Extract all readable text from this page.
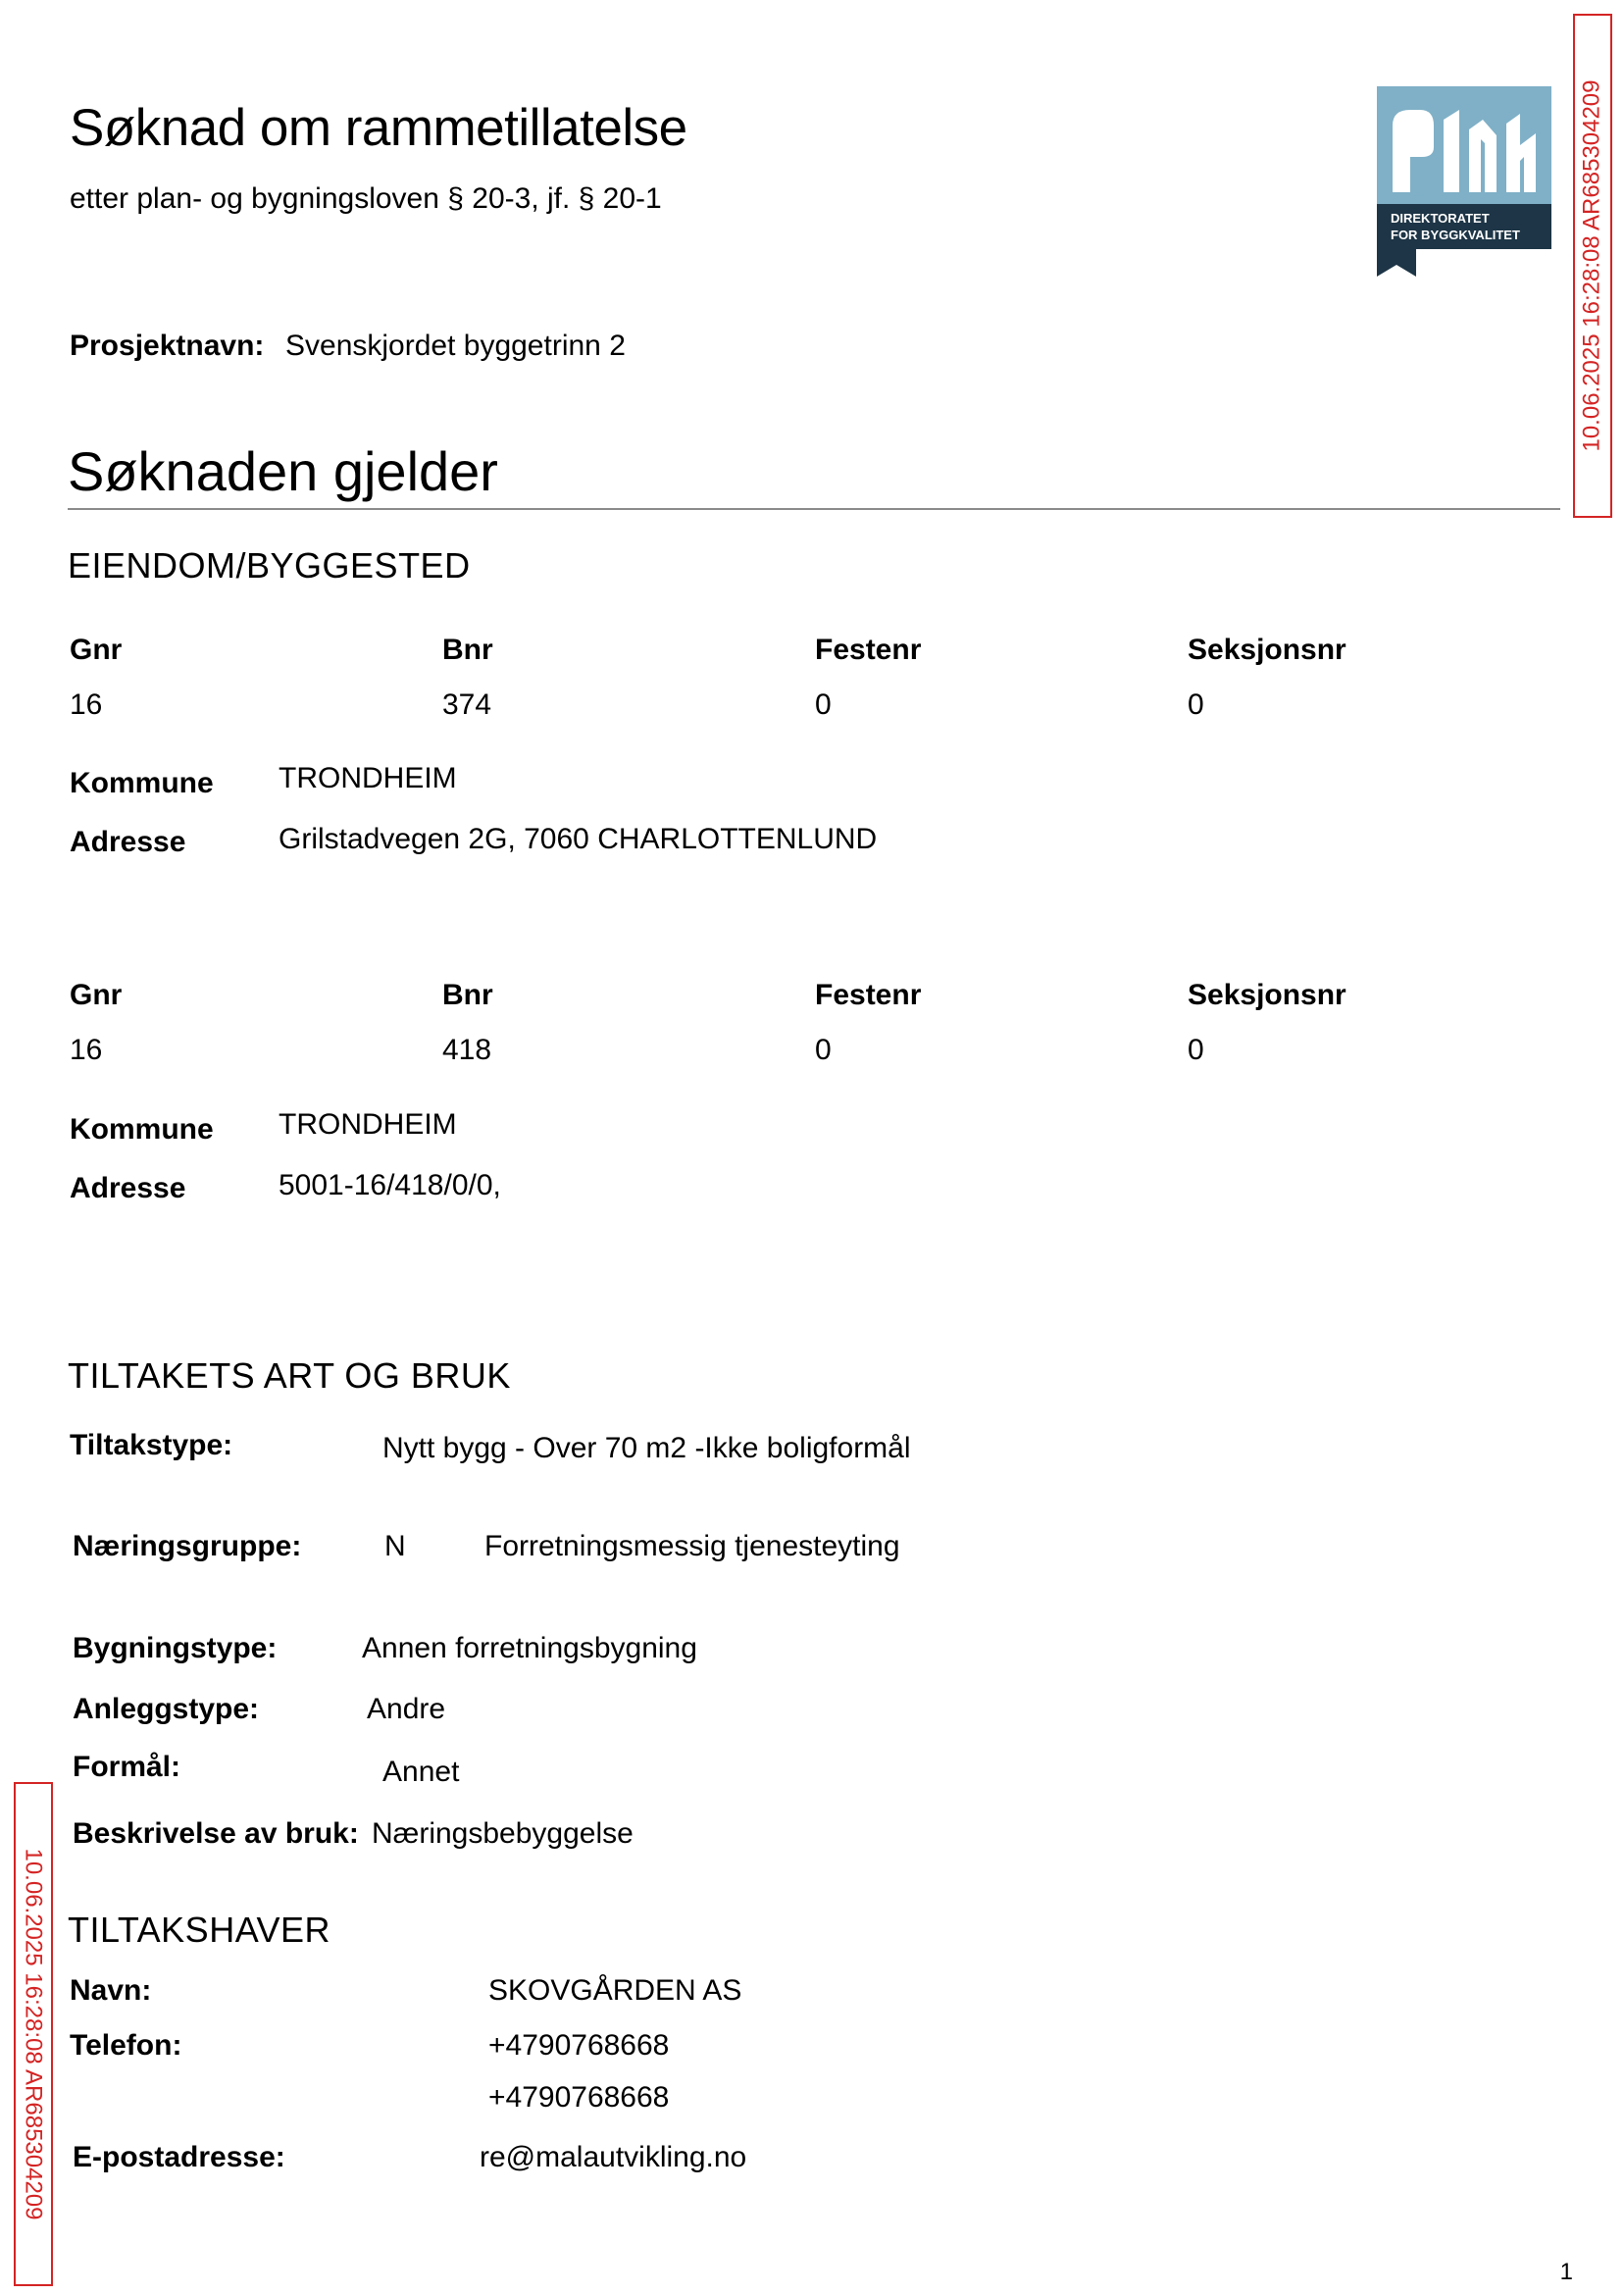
Søknad om rammetillatelse
etter plan- og bygningsloven § 20-3, jf. § 20-1
DIREKTORATET
FOR BYGGKVALITET	10.06.2025 16:28:08 AR685304209
10.06.2025 16:28:08 AR685304209
Prosjektnavn: Svenskjordet byggetrinn 2
Søknaden gjelder
EIENDOM/BYGGESTED
Gnr	Bnr	Festenr	Seksjonsnr
16	374	0	0
Kommune TRONDHEIM
Adresse	Grilstadvegen 2G, 7060 CHARLOTTENLUND
Gnr	Bnr	Festenr	Seksjonsnr
16	418	0	0
Kommune TRONDHEIM
Adresse	5001-16/418/0/0,
TILTAKETS ART OG BRUK
Tiltakstype:	Nytt bygg - Over 70 m2 -Ikke boligformål
Næringsgruppe:	N	Forretningsmessig tjenesteyting
Bygningstype:	Annen forretningsbygning
Anleggstype:	Andre
Formål:	Annet
Beskrivelse av bruk: Næringsbebyggelse
TILTAKSHAVER
Navn:	SKOVGÅRDEN AS
Telefon:	+4790768668
+4790768668
E-postadresse:	re@malautvikling.no
1
